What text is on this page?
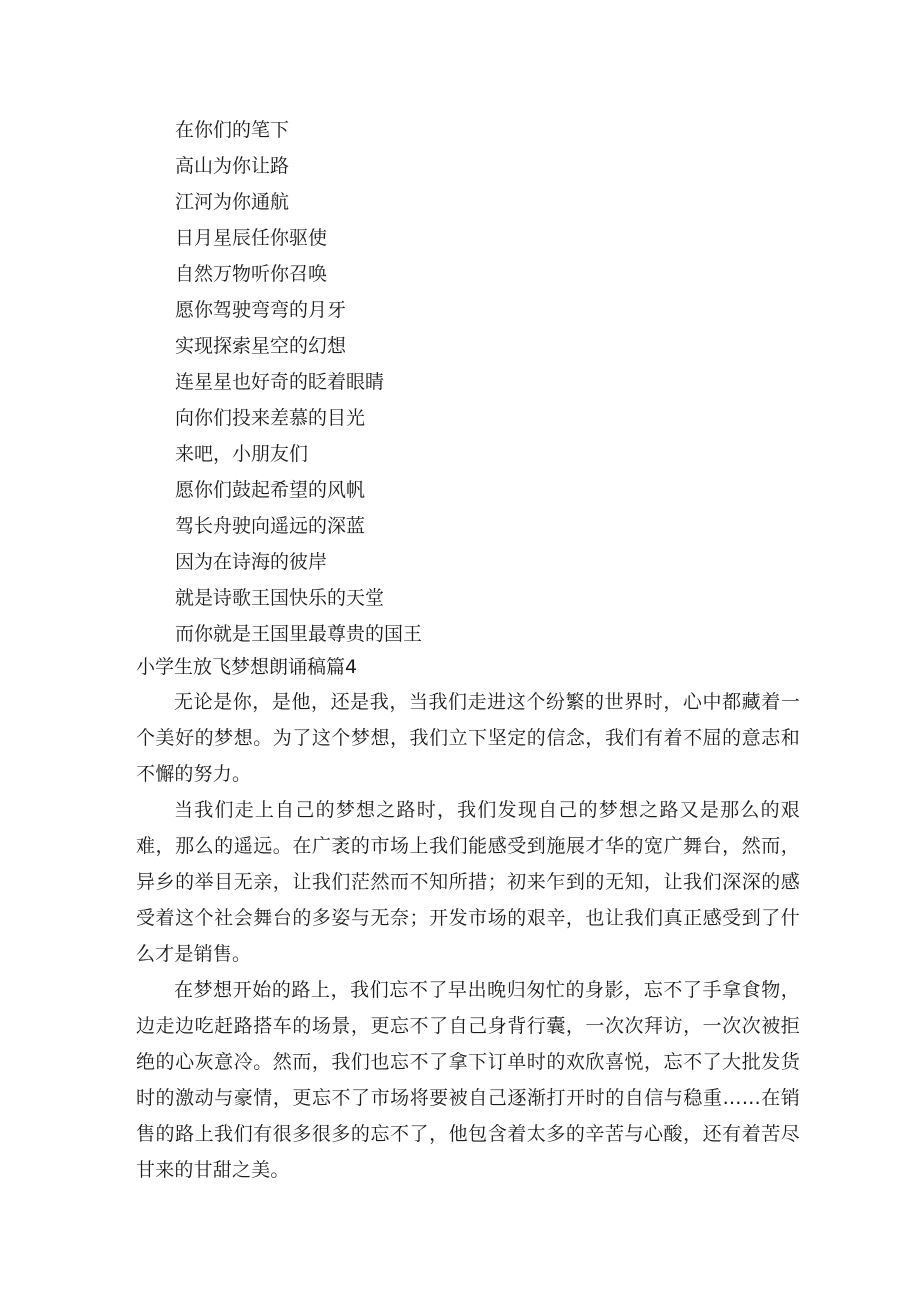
在你们的笔下
高山为你让路
江河为你通航
日月星辰任你驱使
自然万物听你召唤
愿你驾驶弯弯的月牙
实现探索星空的幻想
连星星也好奇的眨着眼睛
向你们投来差慕的目光
来吧，小朋友们
愿你们鼓起希望的风帆
驾长舟驶向遥远的深蓝
因为在诗海的彼岸
就是诗歌王国快乐的天堂
而你就是王国里最尊贵的国王
小学生放飞梦想朗诵稿篇4

无论是你，是他，还是我，当我们走进这个纷繁的世界时，心中都藏着一个美好的梦想。为了这个梦想，我们立下坚定的信念，我们有着不屈的意志和不懈的努力。

当我们走上自己的梦想之路时，我们发现自己的梦想之路又是那么的艰难，那么的遥远。在广袤的市场上我们能感受到施展才华的宽广舞台，然而，异乡的举目无亲，让我们茫然而不知所措；初来乍到的无知，让我们深深的感受着这个社会舞台的多姿与无奈；开发市场的艰辛，也让我们真正感受到了什么才是销售。

在梦想开始的路上，我们忘不了早出晚归匆忙的身影，忘不了手拿食物，边走边吃赶路搭车的场景，更忘不了自己身背行囊，一次次拜访，一次次被拒绝的心灰意冷。然而，我们也忘不了拿下订单时的欢欣喜悦，忘不了大批发货时的激动与豪情，更忘不了市场将要被自己逐渐打开时的自信与稳重……在销售的路上我们有很多很多的忘不了，他包含着太多的辛苦与心酸，还有着苦尽甘来的甘甜之美。
